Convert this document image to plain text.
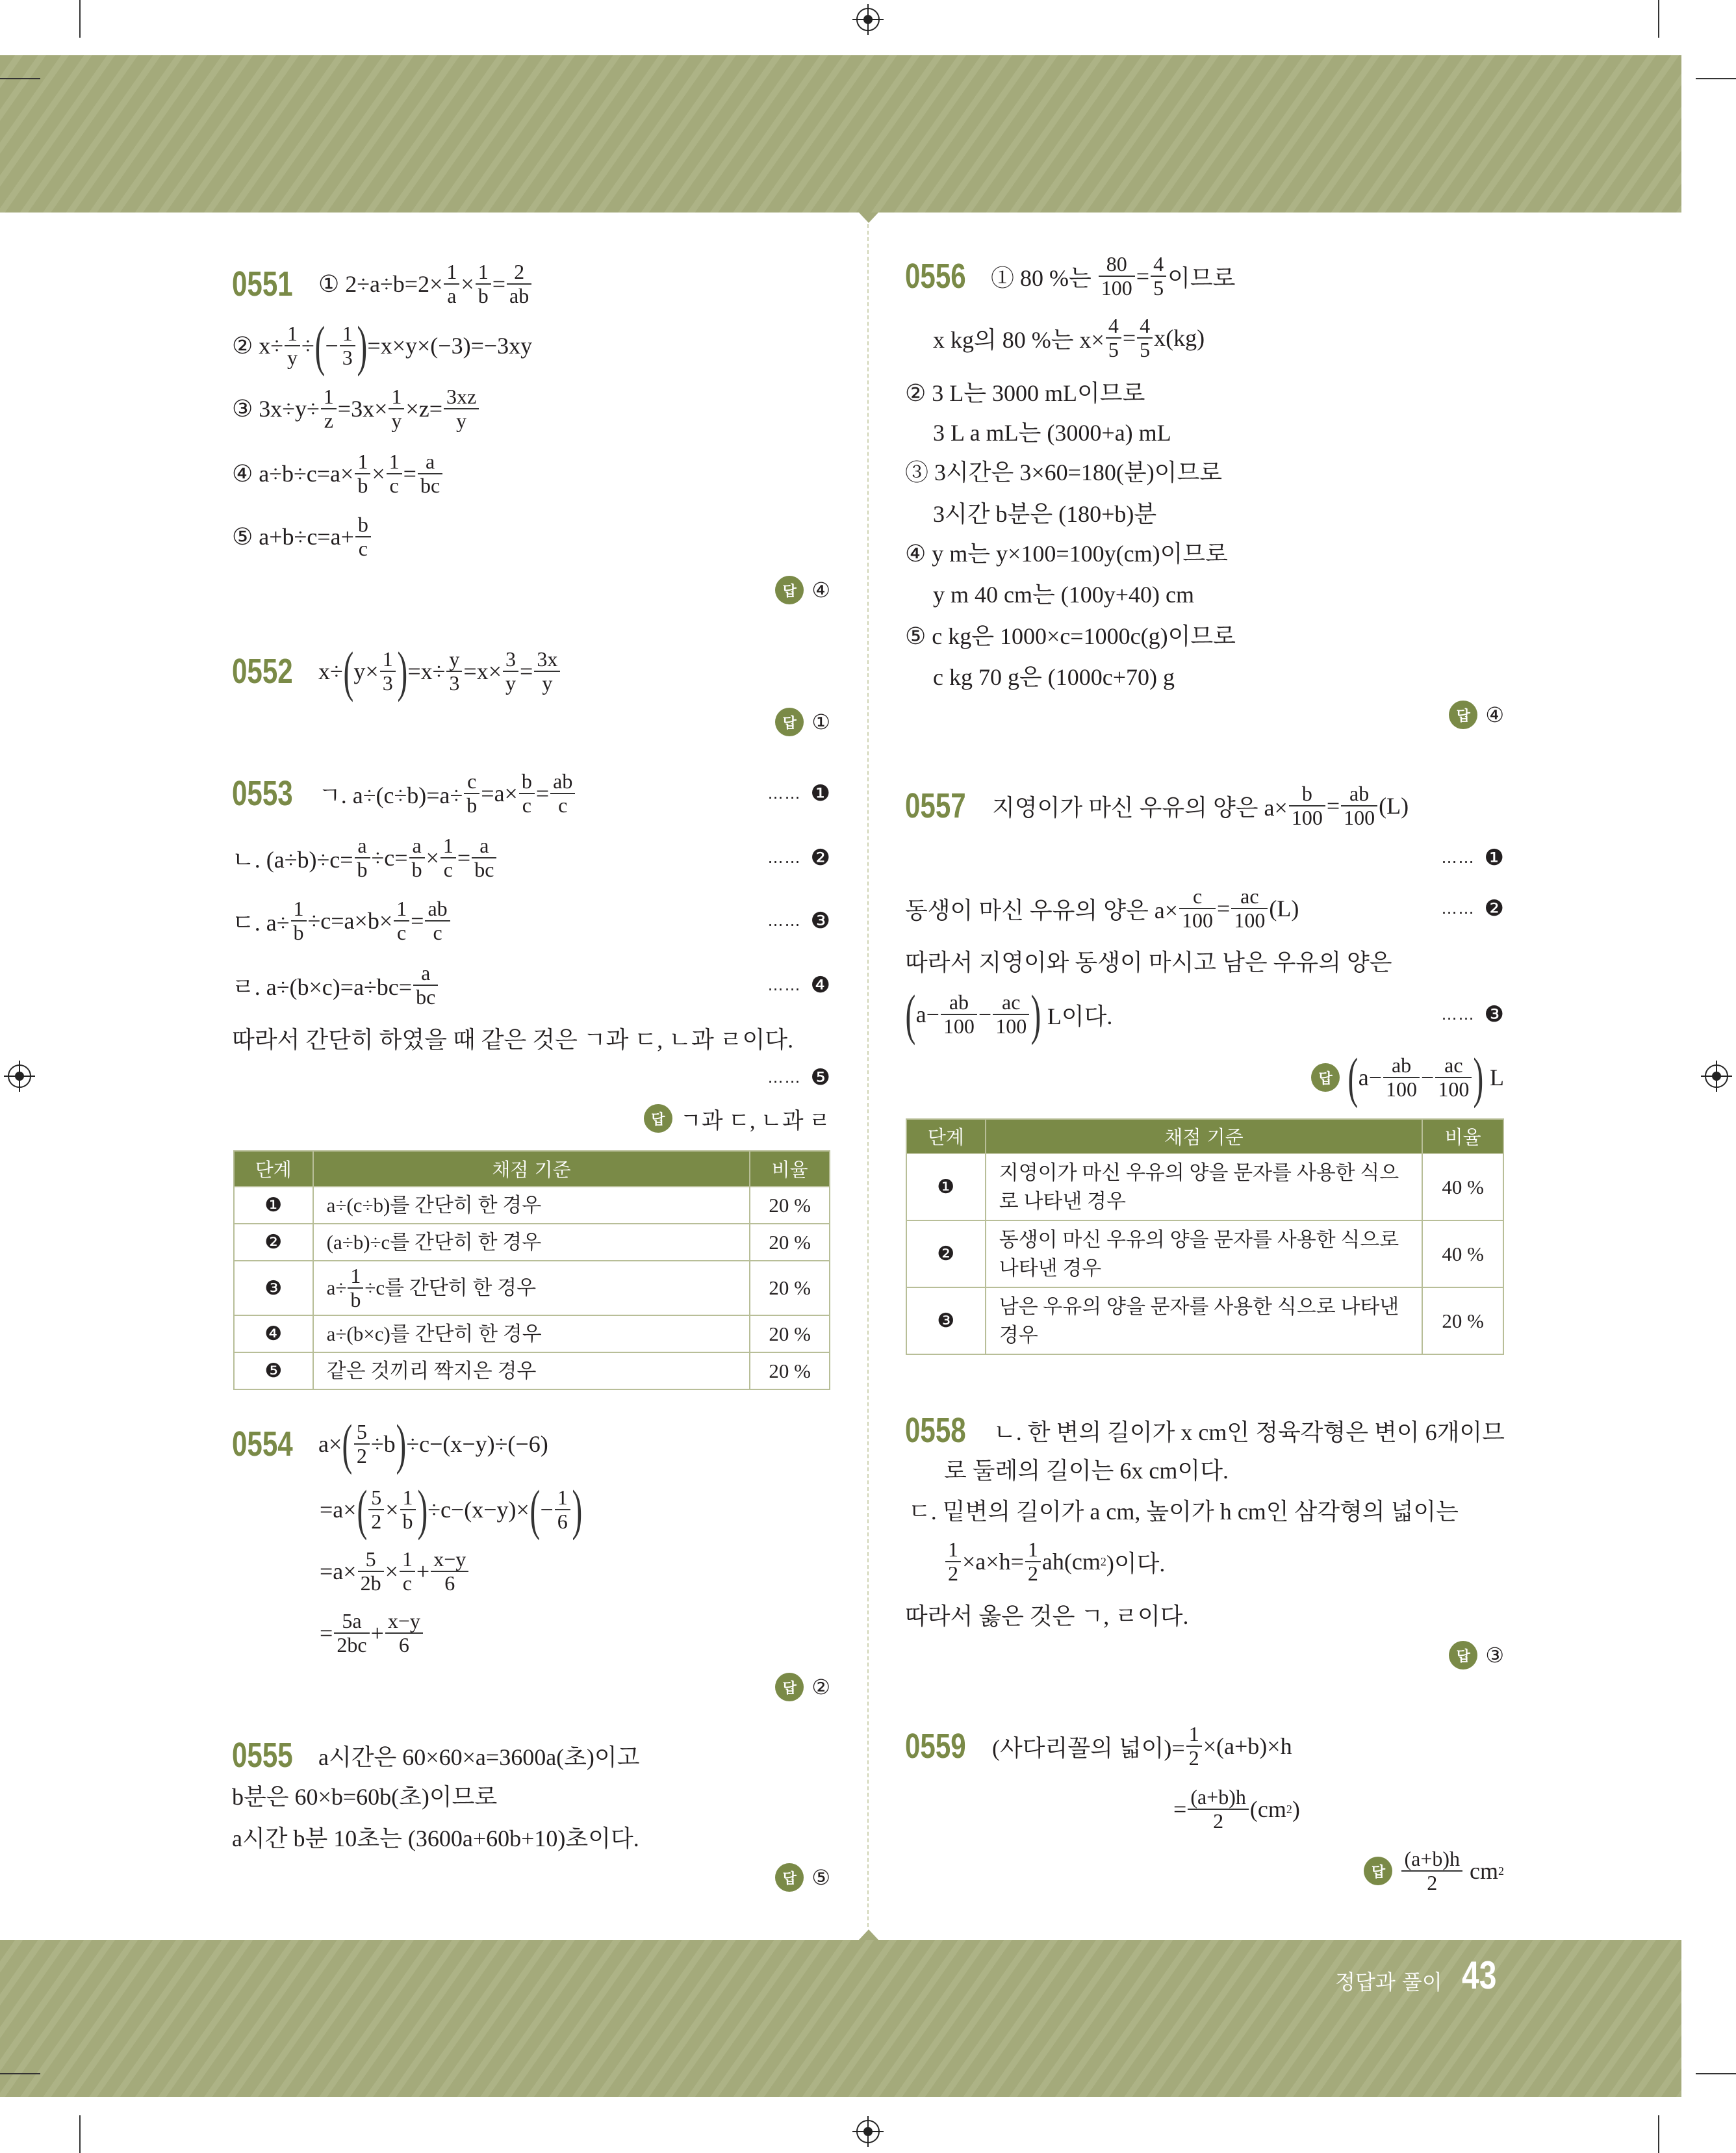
0551 ① $2\div a\div b=2\times \frac{1}{a} \times \frac{1}{b} = \frac{2}{ab}$
② $x\div \frac{1}{y}$ ÷ ( − $\frac{1}{3}$ ) =x×y×(−3)=−3xy
③ $3x\div y\div \frac{1}{z} =3x\times \frac{1}{y} \times z= \frac{3xz}{y}$
④ $a\div b\div c=a\times \frac{1}{b} \times \frac{1}{c} = \frac{a}{bc}$
⑤ $a+b\div c=a+ \frac{b}{c}$
답 ④
0552 x÷ ( $y\times \frac{1}{3}$ ) $=x\div \frac{y}{3} =x\times \frac{3}{y} = \frac{3x}{y}$
답 ①
0553 ㄱ. $a\div(c\div b)=a\div \frac{c}{b} =a\times \frac{b}{c} = \frac{ab}{c}$
ㄴ. $(a\div b)\div c= \frac{a}{b} \div c= \frac{a}{b} \times \frac{1}{c} = \frac{a}{bc}$
ㄷ. $a\div \frac{1}{b} \div c=a\times b\times \frac{1}{c} = \frac{ab}{c}$
ㄹ. $a\div(b\times c)=a\div bc= \frac{a}{bc}$
따라서 간단히 하였을 때 같은 것은 ㄱ과 ㄷ, ㄴ과 ㄹ이다.
…… ❶
…… ❷
…… ❸
…… ❹
…… ❺
답 ㄱ과 ㄷ, ㄴ과 ㄹ
단계	채점 기준	비율
❶	a÷(c÷b)를 간단히 한 경우	20 %
❷	(a÷b)÷c를 간단히 한 경우	20 %
❸	$a\div \frac{1}{b} \div c$를 간단히 한 경우	20 %
❹	a÷(b×c)를 간단히 한 경우	20 %
❺	같은 것끼리 짝지은 경우	20 %
0554 a× ( $\frac{5}{2} \div b$ ) ÷c−(x−y)÷(−6)
=a× ( $\frac{5}{2} \times \frac{1}{b}$ ) ÷c−(x−y)× ( − $\frac{1}{6}$ )
$=a\times \frac{5}{2b} \times \frac{1}{c} + \frac{x-y}{6}$
= $\frac{5a}{2bc} + \frac{x-y}{6}$
답 ②
0555 a시간은 60×60×a=3600a(초)이고
b분은 60×b=60b(초)이므로
a시간 b분 10초는 (3600a+60b+10)초이다.
답 ⑤
0556 ① 80 %는 $\frac{80}{100} = \frac{4}{5}$ 이므로
x kg의 80 %는 $x\times \frac{4}{5} = \frac{4}{5} x(kg)$
② 3 L는 3000 mL이므로
3 L a mL는 (3000+a) mL
③ 3시간은 3×60=180(분)이므로
3시간 b분은 (180+b)분
④ y m는 y×100=100y(cm)이므로
y m 40 cm는 (100y+40) cm
⑤ c kg은 1000×c=1000c(g)이므로
c kg 70 g은 (1000c+70) g
답 ④
0557 지영이가 마신 우유의 양은 $a\times \frac{b}{100} = \frac{ab}{100} (L)$
동생이 마신 우유의 양은 $a\times \frac{c}{100} = \frac{ac}{100} (L)$
따라서 지영이와 동생이 마시고 남은 우유의 양은
( $a- \frac{ab}{100} - \frac{ac}{100}$ ) L이다.
…… ❶
…… ❷
…… ❸
답 ( $a- \frac{ab}{100} - \frac{ac}{100}$ ) L
단계	채점 기준	비율
❶	지영이가 마신 우유의 양을 문자를 사용한 식으로 나타낸 경우	40 %
❷	동생이 마신 우유의 양을 문자를 사용한 식으로 나타낸 경우	40 %
❸	남은 우유의 양을 문자를 사용한 식으로 나타낸 경우	20 %
0558 ㄴ. 한 변의 길이가 x cm인 정육각형은 변이 6개이므
로 둘레의 길이는 6x cm이다.
ㄷ. 밑변의 길이가 a cm, 높이가 h cm인 삼각형의 넓이는
$\frac{1}{2} \times a\times h= \frac{1}{2} ah(cm$ 2 )이다.
따라서 옳은 것은 ㄱ, ㄹ이다.
답 ③
0559 (사다리꼴의 넓이)= $\frac{1}{2} \times(a+b)\times h$
= $\frac{(a+b)h}{2} (cm$ 2 )
답 $\frac{(a+b)h}{2}$ cm 2
정답과 풀이 43
